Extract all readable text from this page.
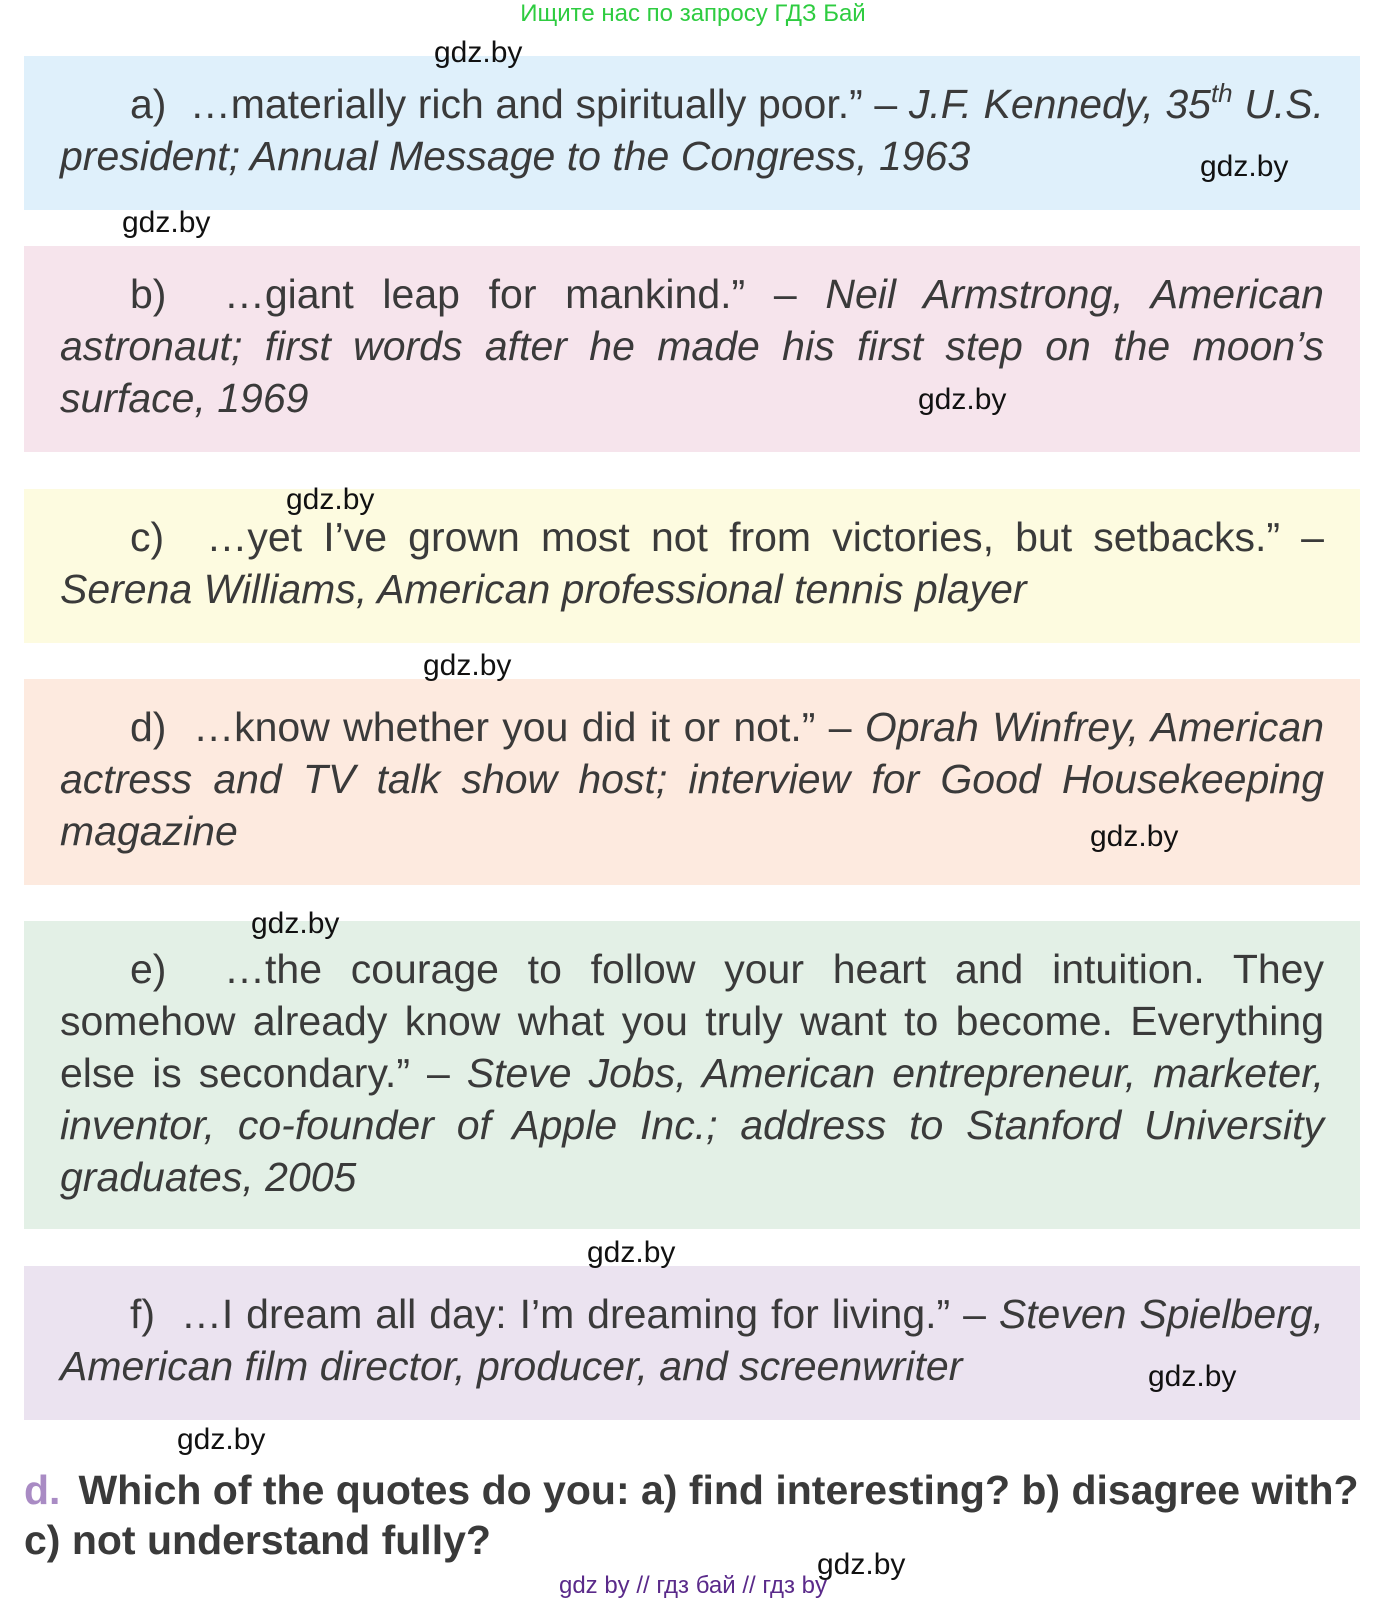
Ищите нас по запросу ГДЗ Бай
a) …materially rich and spiritually poor.” – J.F. Kennedy, 35th U.S. president; Annual Message to the Congress, 1963
b) …giant leap for mankind.” – Neil Armstrong, American astronaut; first words after he made his first step on the moon’s surface, 1969
c) …yet I’ve grown most not from victories, but setbacks.” – Serena Williams, American professional tennis player
d) …know whether you did it or not.” – Oprah Winfrey, American actress and TV talk show host; interview for Good Housekeeping magazine
e) …the courage to follow your heart and intuition. They somehow already know what you truly want to become. Everything else is secondary.” – Steve Jobs, American entrepreneur, marketer, inventor, co-founder of Apple Inc.; address to Stanford University graduates, 2005
f) …I dream all day: I’m dreaming for living.” – Steven Spielberg, American film director, producer, and screenwriter
gdz.by
gdz.by
gdz.by
gdz.by
gdz.by
gdz.by
gdz.by
gdz.by
gdz.by
gdz.by
gdz.by
gdz.by
d. Which of the quotes do you: a) find interesting? b) disagree with? c) not understand fully?
gdz by // гдз бай // гдз by
